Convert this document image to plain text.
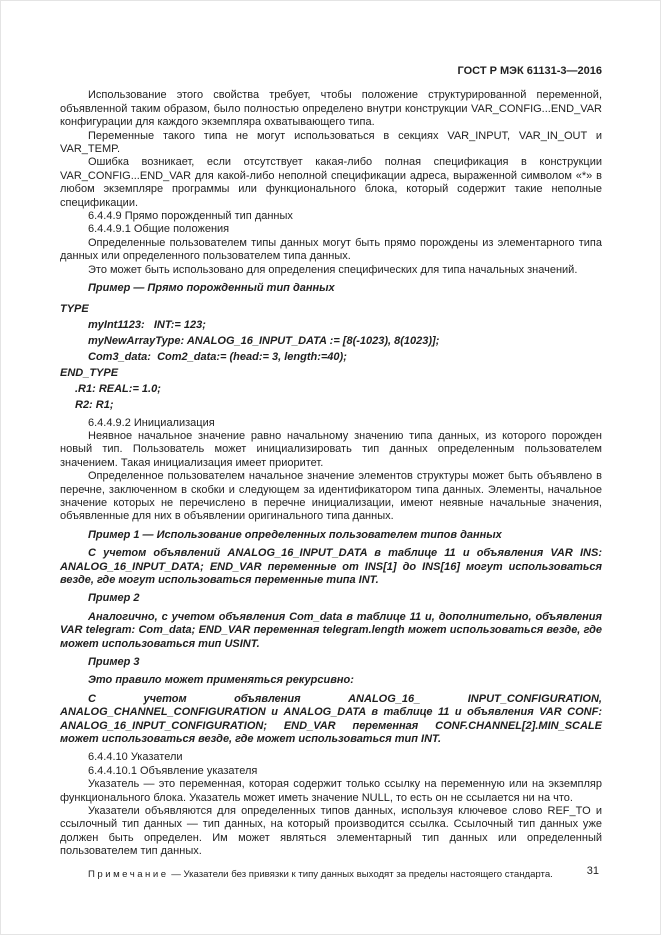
ГОСТ Р МЭК 61131-3—2016

Использование этого свойства требует, чтобы положение структурированной переменной, объявленной таким образом, было полностью определено внутри конструкции VAR_CONFIG...END_VAR конфигурации для каждого экземпляра охватывающего типа.

Переменные такого типа не могут использоваться в секциях VAR_INPUT, VAR_IN_OUT и VAR_TEMP.

Ошибка возникает, если отсутствует какая-либо полная спецификация в конструкции VAR_CONFIG...END_VAR для какой-либо неполной спецификации адреса, выраженной символом «*» в любом экземпляре программы или функционального блока, который содержит такие неполные спецификации.

6.4.4.9 Прямо порожденный тип данных

6.4.4.9.1 Общие положения

Определенные пользователем типы данных могут быть прямо порождены из элементарного типа данных или определенного пользователем типа данных.

Это может быть использовано для определения специфических для типа начальных значений.

Пример — Прямо порожденный тип данных

TYPE
myInt1123:   INT:= 123;
myNewArrayType: ANALOG_16_INPUT_DATA := [8(-1023), 8(1023)];
Com3_data:  Com2_data:= (head:= 3, length:=40);
END_TYPE
.R1: REAL:= 1.0;
R2: R1;

6.4.4.9.2 Инициализация

Неявное начальное значение равно начальному значению типа данных, из которого порожден новый тип. Пользователь может инициализировать тип данных определенным пользователем значением. Такая инициализация имеет приоритет.

Определенное пользователем начальное значение элементов структуры может быть объявлено в перечне, заключенном в скобки и следующем за идентификатором типа данных. Элементы, начальное значение которых не перечислено в перечне инициализации, имеют неявные начальные значения, объявленные для них в объявлении оригинального типа данных.

Пример 1 — Использование определенных пользователем типов данных

С учетом объявлений ANALOG_16_INPUT_DATA в таблице 11 и объявления VAR INS: ANALOG_16_INPUT_DATA; END_VAR переменные от INS[1] до INS[16] могут использоваться везде, где могут использоваться переменные типа INT.

Пример 2

Аналогично, с учетом объявления Com_data в таблице 11 и, дополнительно, объявления VAR telegram: Com_data; END_VAR переменная telegram.length может использоваться везде, где может использоваться тип USINT.

Пример 3

Это правило может применяться рекурсивно:

С учетом объявления ANALOG_16_ INPUT_CONFIGURATION, ANALOG_CHANNEL_CONFIGURATION и ANALOG_DATA в таблице 11 и объявления VAR CONF: ANALOG_16_INPUT_CONFIGURATION; END_VAR переменная CONF.CHANNEL[2].MIN_SCALE может использоваться везде, где может использоваться тип INT.

6.4.4.10 Указатели

6.4.4.10.1 Объявление указателя

Указатель — это переменная, которая содержит только ссылку на переменную или на экземпляр функционального блока. Указатель может иметь значение NULL, то есть он не ссылается ни на что.

Указатели объявляются для определенных типов данных, используя ключевое слово REF_TO и ссылочный тип данных — тип данных, на который производится ссылка. Ссылочный тип данных уже должен быть определен. Им может являться элементарный тип данных или определенный пользователем тип данных.

Примечание — Указатели без привязки к типу данных выходят за пределы настоящего стандарта.	31
